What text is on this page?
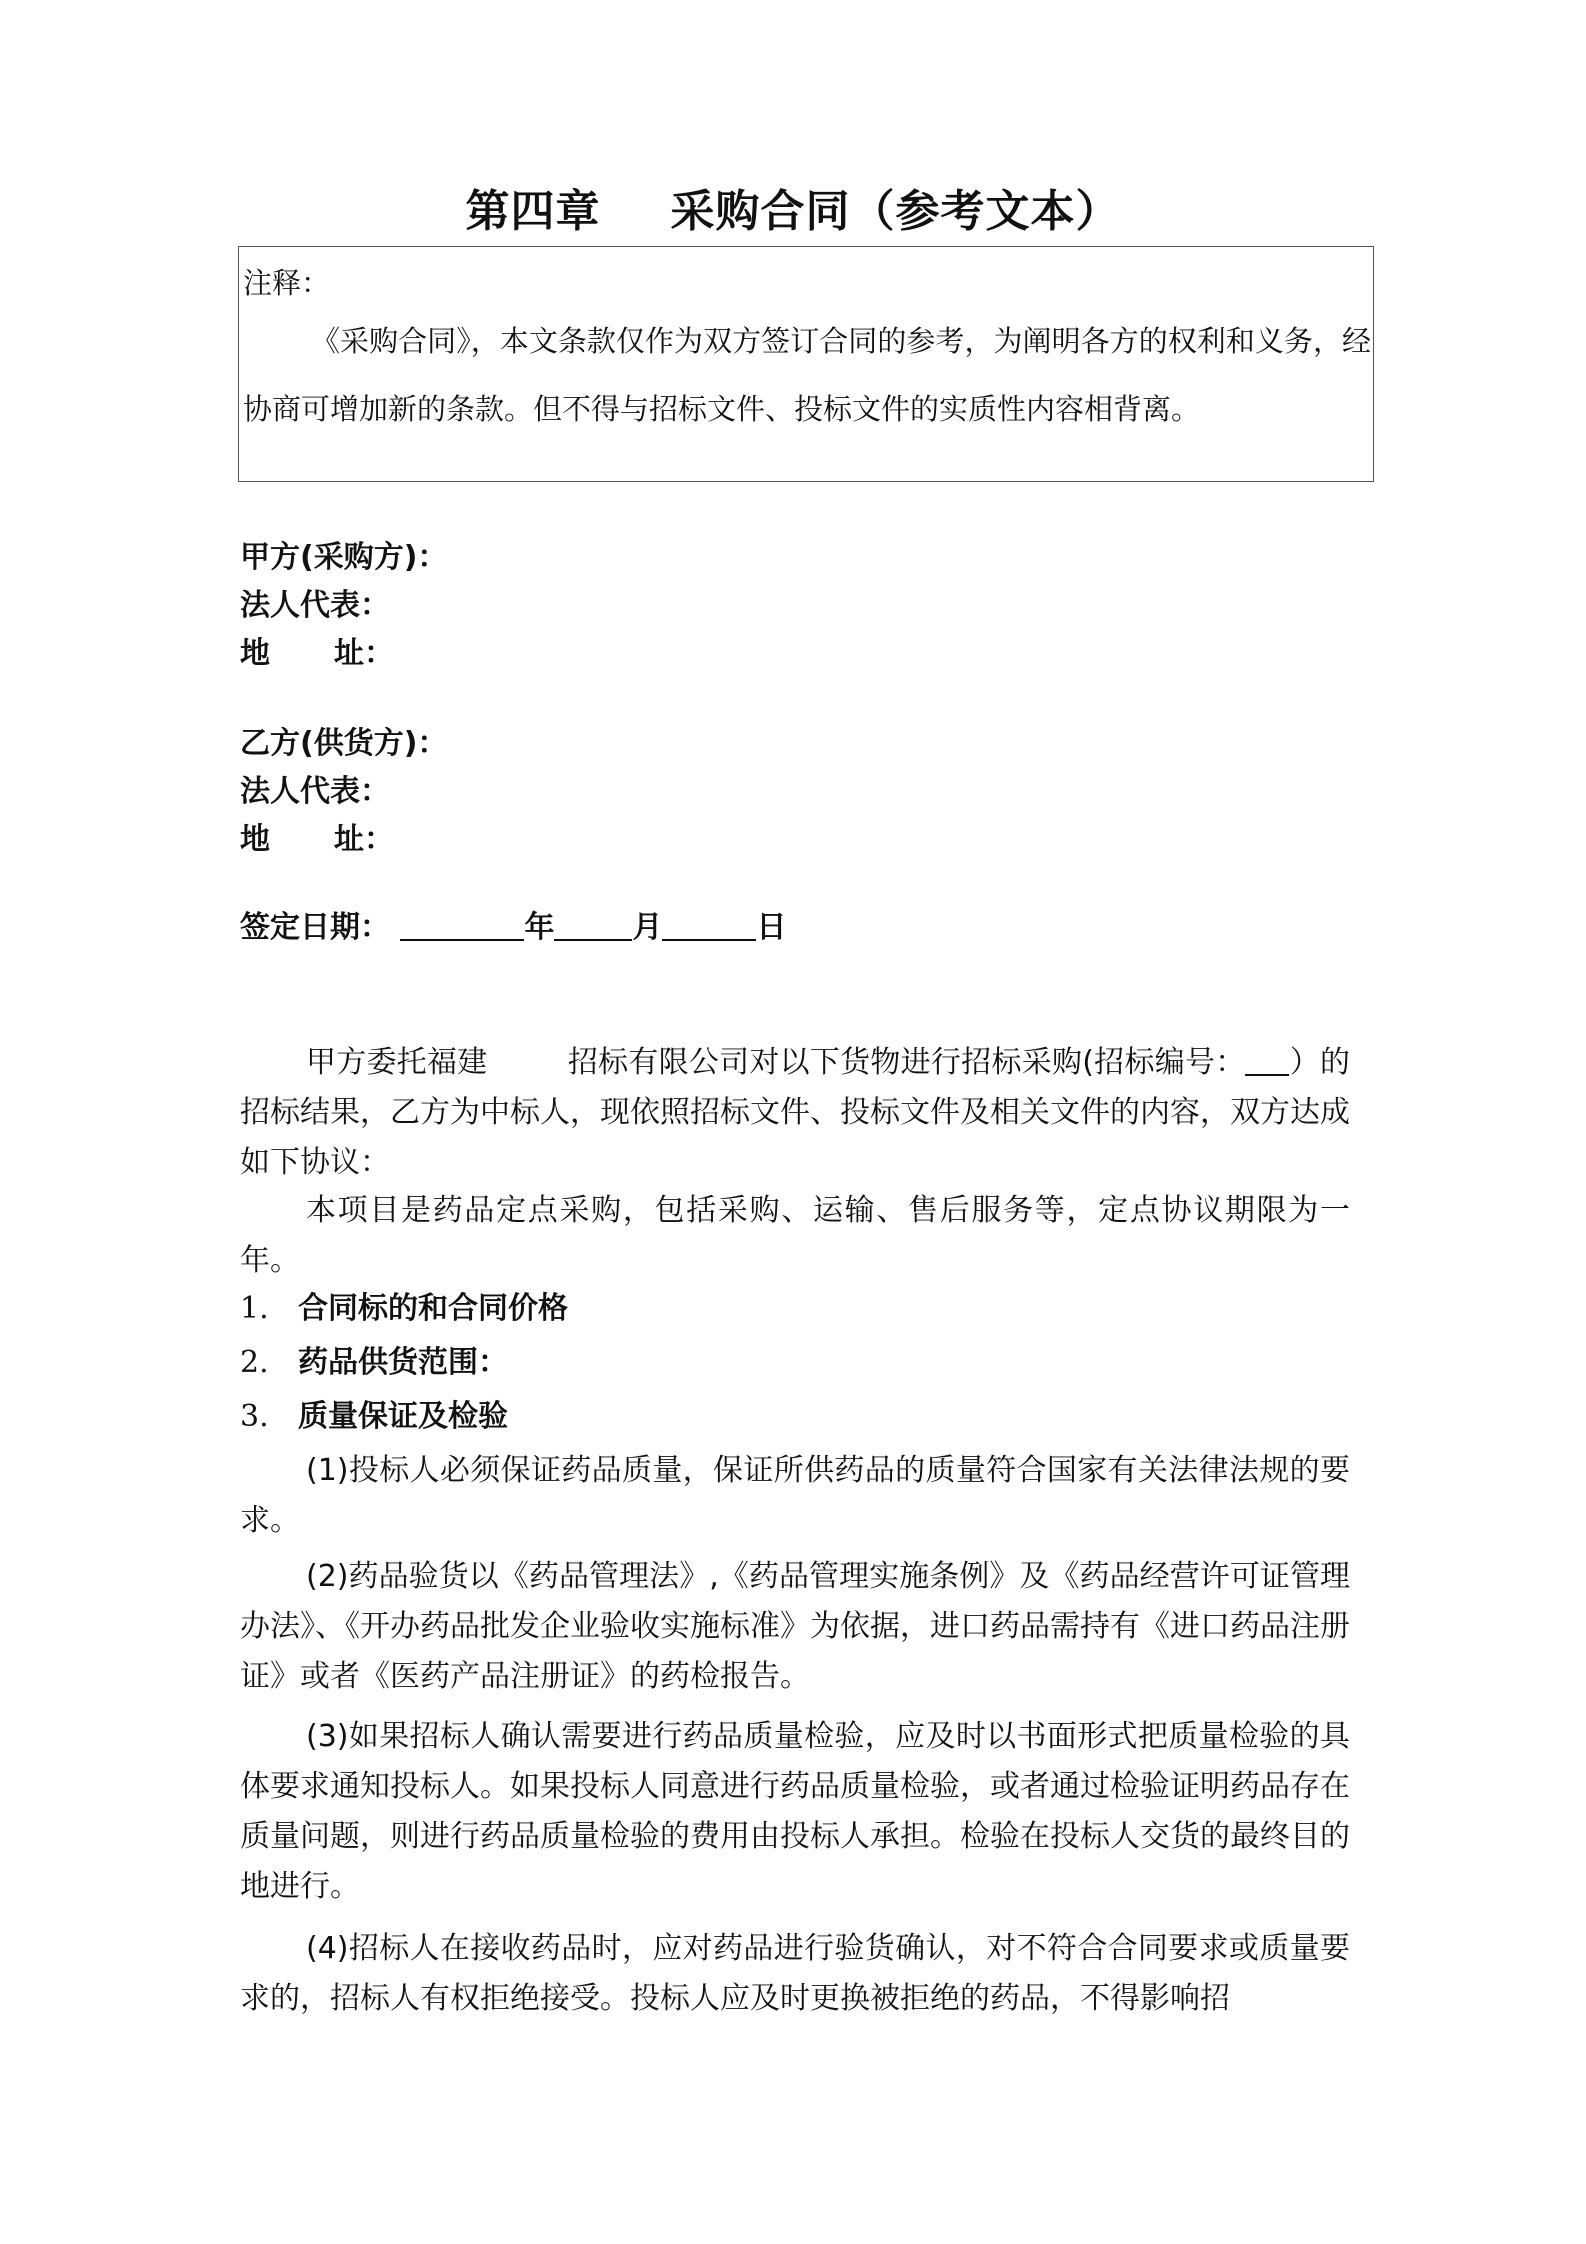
第四章 采购合同（参考文本）
注释：

《采购合同》，本文条款仅作为双方签订合同的参考，为阐明各方的权利和义务，经协商可增加新的条款。但不得与招标文件、投标文件的实质性内容相背离。

甲方(采购方)：
法人代表：
地 址：
乙方(供货方)：
法人代表：
地 址：
签定日期：	年	月	日

甲方委托福建	招标有限公司对以下货物进行招标采购(招标编号： ）的招标结果，乙方为中标人，现依照招标文件、投标文件及相关文件的内容，双方达成如下协议：

本项目是药品定点采购，包括采购、运输、售后服务等，定点协议期限为一年。

1. 合同标的和合同价格
2. 药品供货范围：
3. 质量保证及检验

(1)投标人必须保证药品质量，保证所供药品的质量符合国家有关法律法规的要求。

(2)药品验货以《药品管理法》,《药品管理实施条例》及《药品经营许可证管理办法》、《开办药品批发企业验收实施标准》为依据，进口药品需持有《进口药品注册证》或者《医药产品注册证》的药检报告。

(3)如果招标人确认需要进行药品质量检验，应及时以书面形式把质量检验的具体要求通知投标人。如果投标人同意进行药品质量检验，或者通过检验证明药品存在质量问题，则进行药品质量检验的费用由投标人承担。检验在投标人交货的最终目的地进行。

(4)招标人在接收药品时，应对药品进行验货确认，对不符合合同要求或质量要求的，招标人有权拒绝接受。投标人应及时更换被拒绝的药品，不得影响招
